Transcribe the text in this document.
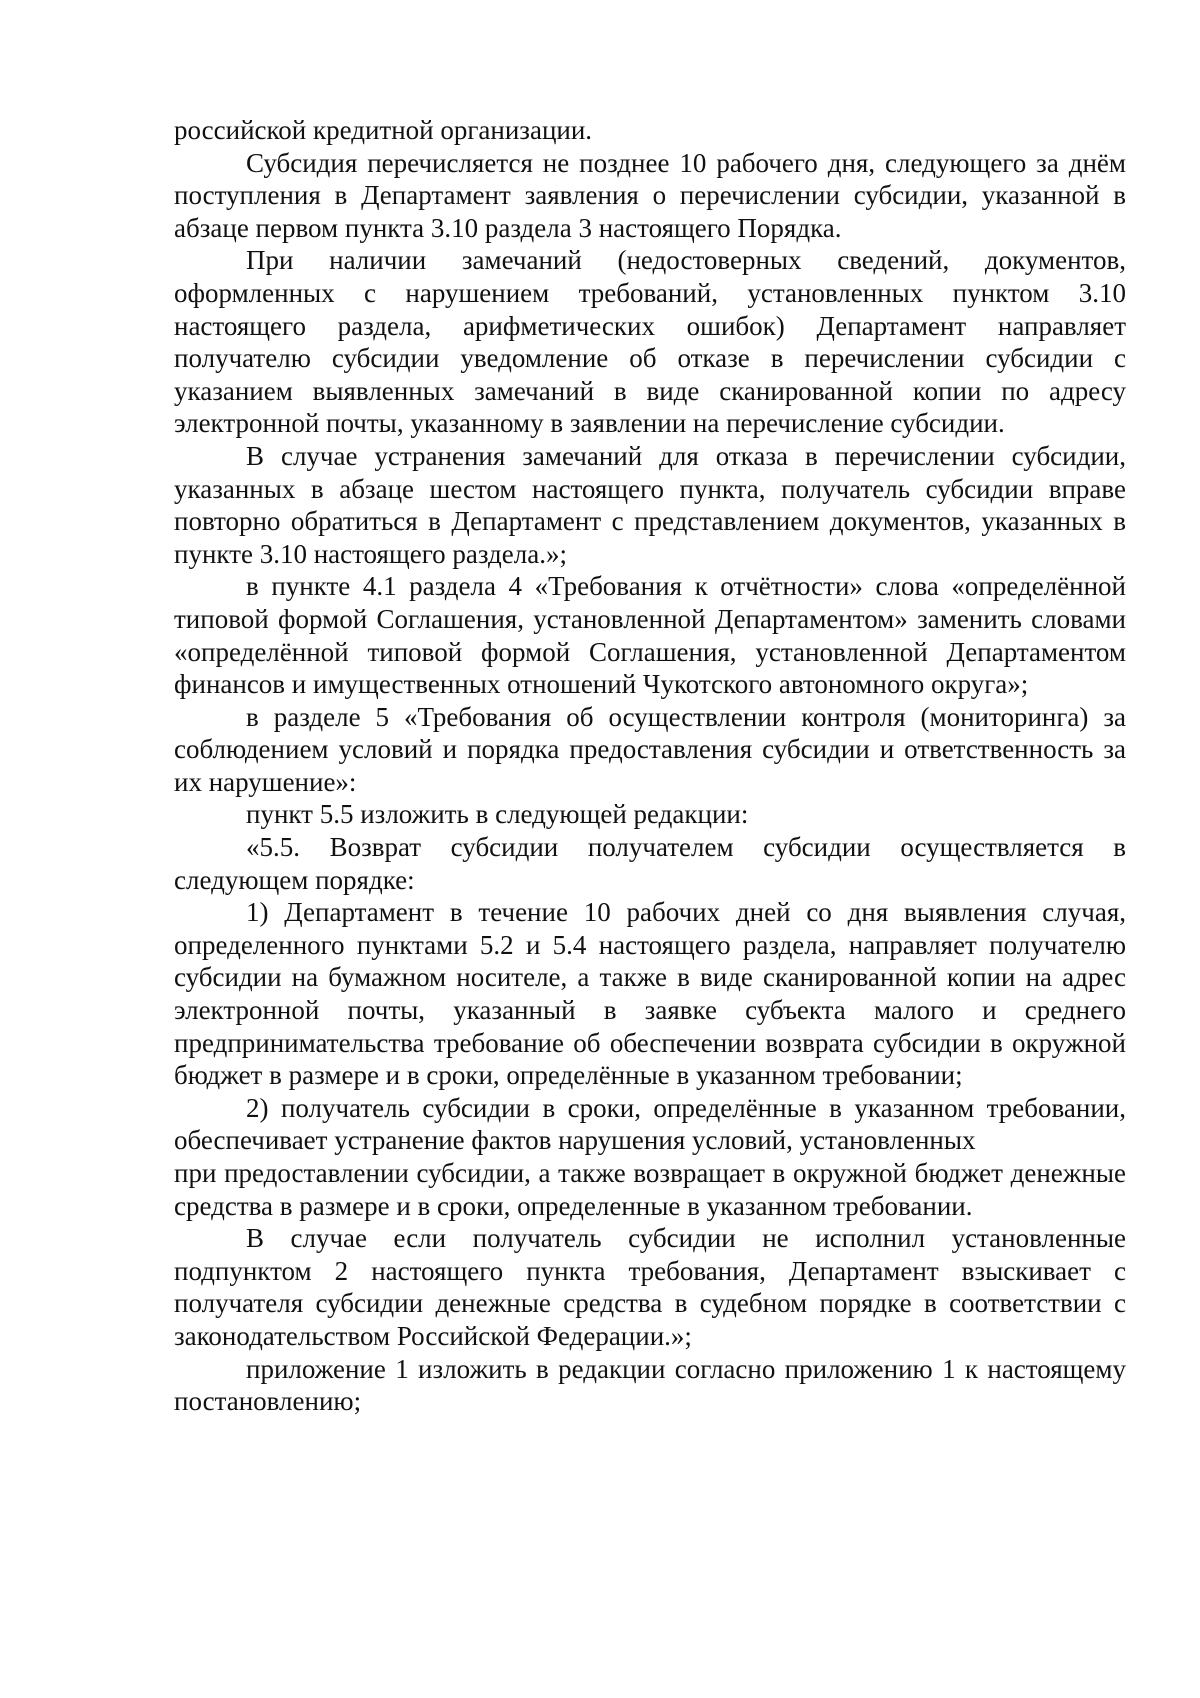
российской кредитной организации.

Субсидия перечисляется не позднее 10 рабочего дня, следующего за днём поступления в Департамент заявления о перечислении субсидии, указанной в абзаце первом пункта 3.10 раздела 3 настоящего Порядка.

При наличии замечаний (недостоверных сведений, документов, оформленных с нарушением требований, установленных пунктом 3.10 настоящего раздела, арифметических ошибок) Департамент направляет получателю субсидии уведомление об отказе в перечислении субсидии с указанием выявленных замечаний в виде сканированной копии по адресу электронной почты, указанному в заявлении на перечисление субсидии.

В случае устранения замечаний для отказа в перечислении субсидии, указанных в абзаце шестом настоящего пункта, получатель субсидии вправе повторно обратиться в Департамент с представлением документов, указанных в пункте 3.10 настоящего раздела.»;

в пункте 4.1 раздела 4 «Требования к отчётности» слова «определённой типовой формой Соглашения, установленной Департаментом» заменить словами «определённой типовой формой Соглашения, установленной Департаментом финансов и имущественных отношений Чукотского автономного округа»;

в разделе 5 «Требования об осуществлении контроля (мониторинга) за соблюдением условий и порядка предоставления субсидии и ответственность за их нарушение»:

пункт 5.5 изложить в следующей редакции:

«5.5. Возврат субсидии получателем субсидии осуществляется в следующем порядке:

1) Департамент в течение 10 рабочих дней со дня выявления случая, определенного пунктами 5.2 и 5.4 настоящего раздела, направляет получателю субсидии на бумажном носителе, а также в виде сканированной копии на адрес электронной почты, указанный в заявке субъекта малого и среднего предпринимательства требование об обеспечении возврата субсидии в окружной бюджет в размере и в сроки, определённые в указанном требовании;

2) получатель субсидии в сроки, определённые в указанном требовании, обеспечивает устранение фактов нарушения условий, установленных

при предоставлении субсидии, а также возвращает в окружной бюджет денежные средства в размере и в сроки, определенные в указанном требовании.

В случае если получатель субсидии не исполнил установленные подпунктом 2 настоящего пункта требования, Департамент взыскивает с получателя субсидии денежные средства в судебном порядке в соответствии с законодательством Российской Федерации.»;

приложение 1 изложить в редакции согласно приложению 1 к настоящему постановлению;
